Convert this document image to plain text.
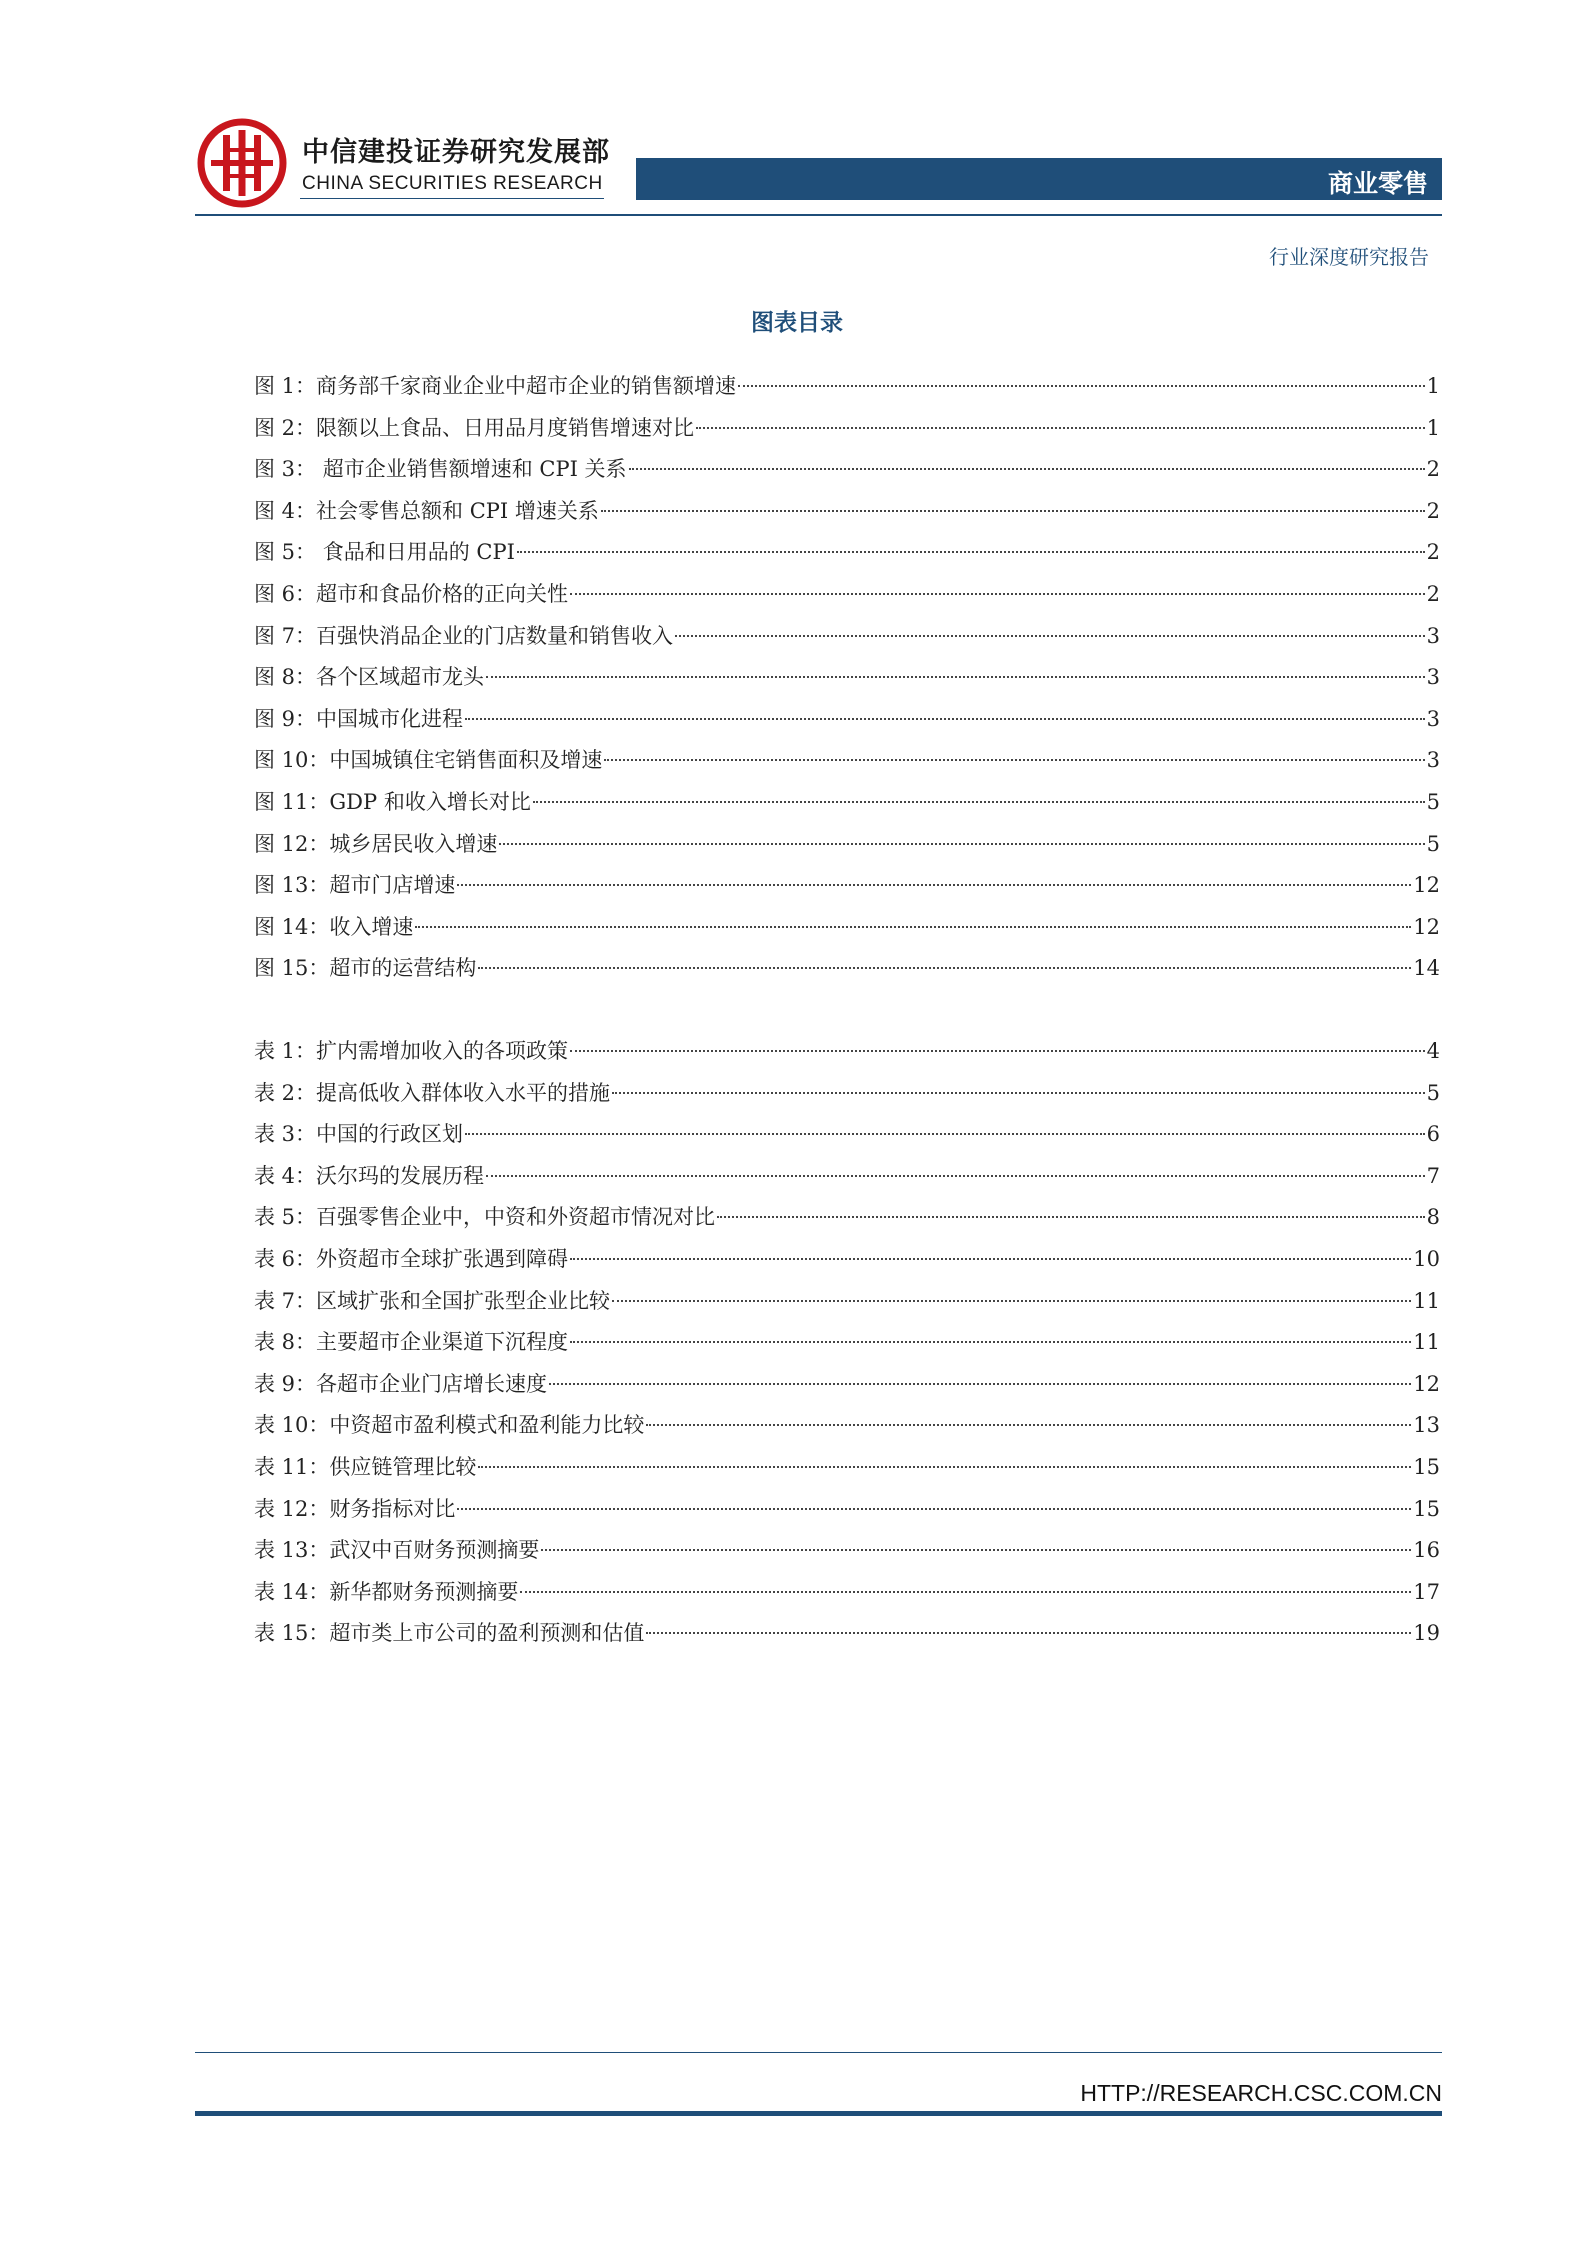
中信建投证券研究发展部
CHINA SECURITIES RESEARCH	商业零售
行业深度研究报告
图表目录
图 1：商务部千家商业企业中超市企业的销售额增速	1
图 2：限额以上食品、日用品月度销售增速对比	1
图 3： 超市企业销售额增速和 CPI 关系	2
图 4：社会零售总额和 CPI 增速关系	2
图 5： 食品和日用品的 CPI	2
图 6：超市和食品价格的正向关性	2
图 7：百强快消品企业的门店数量和销售收入	3
图 8：各个区域超市龙头	3
图 9：中国城市化进程	3
图 10：中国城镇住宅销售面积及增速	3
图 11：GDP 和收入增长对比	5
图 12：城乡居民收入增速	5
图 13：超市门店增速	12
图 14：收入增速	12
图 15：超市的运营结构	14
表 1：扩内需增加收入的各项政策	4
表 2：提高低收入群体收入水平的措施	5
表 3：中国的行政区划	6
表 4：沃尔玛的发展历程	7
表 5：百强零售企业中，中资和外资超市情况对比	8
表 6：外资超市全球扩张遇到障碍	10
表 7：区域扩张和全国扩张型企业比较	11
表 8：主要超市企业渠道下沉程度	11
表 9：各超市企业门店增长速度	12
表 10：中资超市盈利模式和盈利能力比较	13
表 11：供应链管理比较	15
表 12：财务指标对比	15
表 13：武汉中百财务预测摘要	16
表 14：新华都财务预测摘要	17
表 15：超市类上市公司的盈利预测和估值	19
HTTP://RESEARCH.CSC.COM.CN
